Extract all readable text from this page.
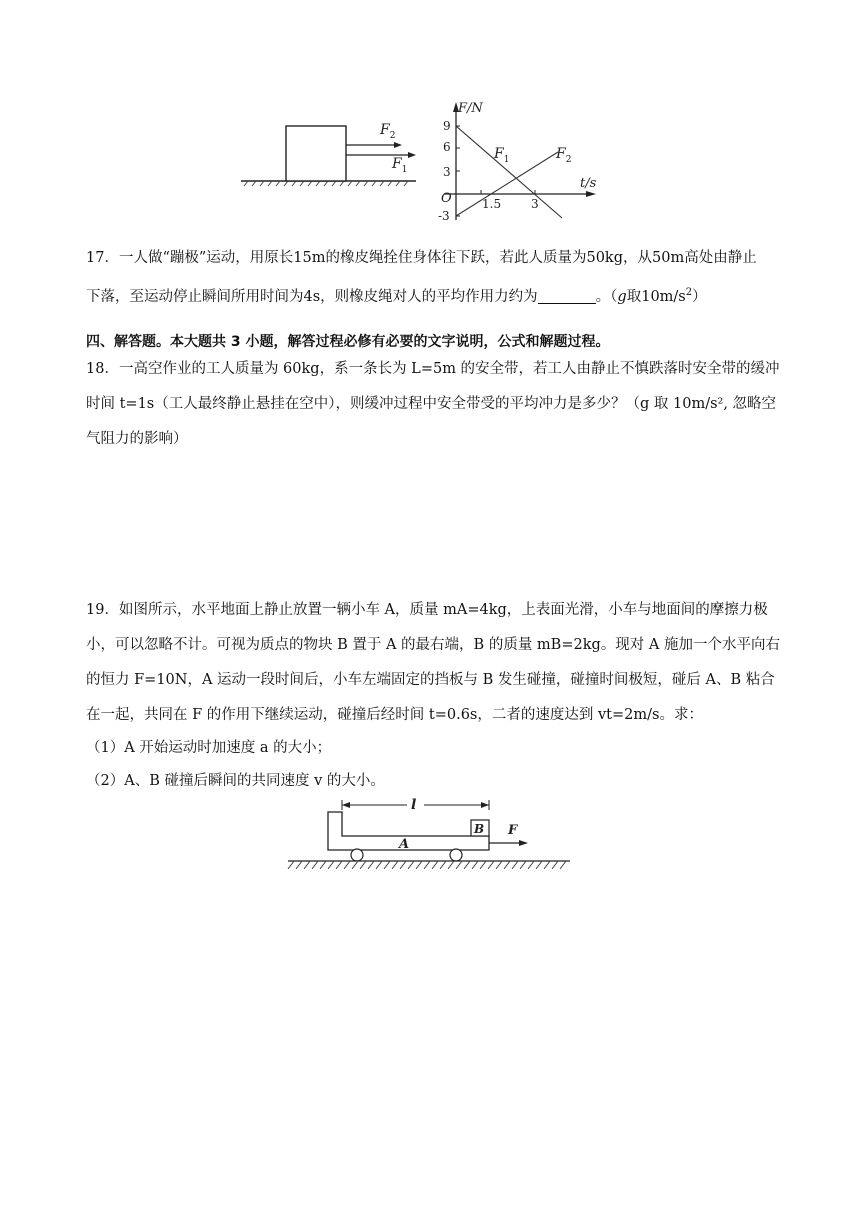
$F_2$
$F_1$
F/N
t/s
O
9
6
3
-3
1.5 3
$F_1$	$F_2$
17．一人做“蹦极”运动，用原长15m的橡皮绳拴住身体往下跃，若此人质量为50kg，从50m高处由静止
下落，至运动停止瞬间所用时间为4s，则橡皮绳对人的平均作用力约为	。（g取$10m/s^2$）
四、解答题。本大题共 3 小题，解答过程必修有必要的文字说明，公式和解题过程。
18．一高空作业的工人质量为 60kg，系一条长为 L=5m 的安全带，若工人由静止不慎跌落时安全带的缓冲
时间 t=1s（工人最终静止悬挂在空中），则缓冲过程中安全带受的平均冲力是多少？（g 取 10m/s², 忽略空
气阻力的影响）
19．如图所示，水平地面上静止放置一辆小车 A，质量 mA=4kg，上表面光滑，小车与地面间的摩擦力极
小，可以忽略不计。可视为质点的物块 B 置于 A 的最右端，B 的质量 mB=2kg。现对 A 施加一个水平向右
的恒力 F=10N，A 运动一段时间后，小车左端固定的挡板与 B 发生碰撞，碰撞时间极短，碰后 A、B 粘合
在一起，共同在 F 的作用下继续运动，碰撞后经时间 t=0.6s，二者的速度达到 vt=2m/s。求：
（1）A 开始运动时加速度 a 的大小；
（2）A、B 碰撞后瞬间的共同速度 v 的大小。
l
B
A
F
